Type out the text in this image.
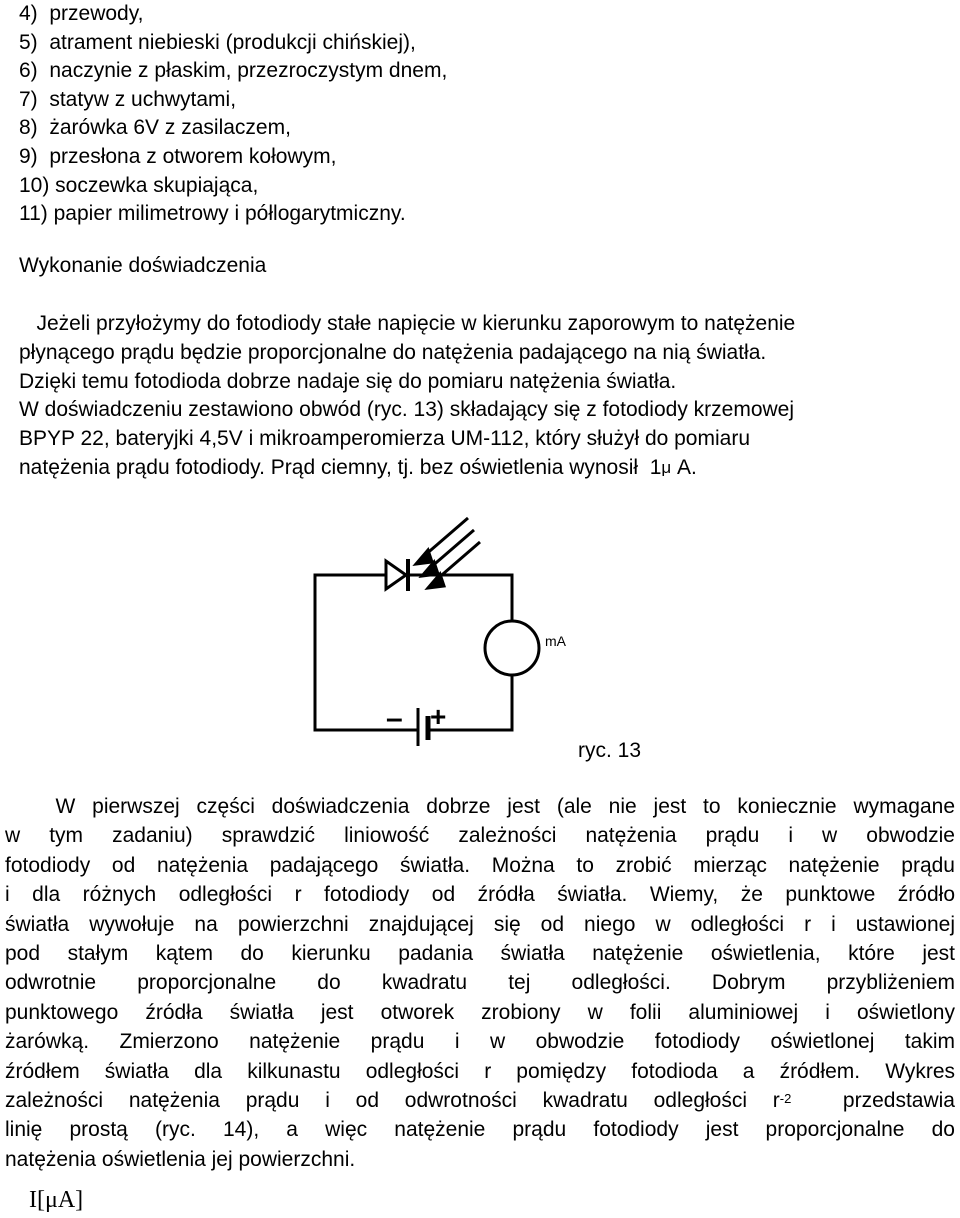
4)  przewody,
5)  atrament niebieski (produkcji chińskiej),
6)  naczynie z płaskim, przezroczystym dnem,
7)  statyw z uchwytami,
8)  żarówka 6V z zasilaczem,
9)  przesłona z otworem kołowym,
10) soczewka skupiająca,
11) papier milimetrowy i półlogarytmiczny.
Wykonanie doświadczenia
Jeżeli przyłożymy do fotodiody stałe napięcie w kierunku zaporowym to natężenie
płynącego prądu będzie proporcjonalne do natężenia padającego na nią światła.
Dzięki temu fotodioda dobrze nadaje się do pomiaru natężenia światła.
W doświadczeniu zestawiono obwód (ryc. 13) składający się z fotodiody krzemowej
BPYP 22, bateryjki 4,5V i mikroamperomierza UM-112, który służył do pomiaru
natężenia prądu fotodiody. Prąd ciemny, tj. bez oświetlenia wynosił  $1^\mu$ A.
mA
– +
ryc. 13
W pierwszej części doświadczenia dobrze jest (ale nie jest to koniecznie wymagane
w tym zadaniu) sprawdzić liniowość zależności natężenia prądu i w obwodzie
fotodiody od natężenia padającego światła. Można to zrobić mierząc natężenie prądu
i dla różnych odległości r fotodiody od źródła światła. Wiemy, że punktowe źródło
światła wywołuje na powierzchni znajdującej się od niego w odległości r i ustawionej
pod stałym kątem do kierunku padania światła natężenie oświetlenia, które jest
odwrotnie proporcjonalne do kwadratu tej odległości. Dobrym przybliżeniem
punktowego źródła światła jest otworek zrobiony w folii aluminiowej i oświetlony
żarówką. Zmierzono natężenie prądu i w obwodzie fotodiody oświetlonej takim
źródłem światła dla kilkunastu odległości r pomiędzy fotodioda a źródłem. Wykres
zależności natężenia prądu i od odwrotności kwadratu odległości $r^{-2}$  przedstawia
linię prostą (ryc. 14), a więc natężenie prądu fotodiody jest proporcjonalne do
natężenia oświetlenia jej powierzchni.
I[μA]
